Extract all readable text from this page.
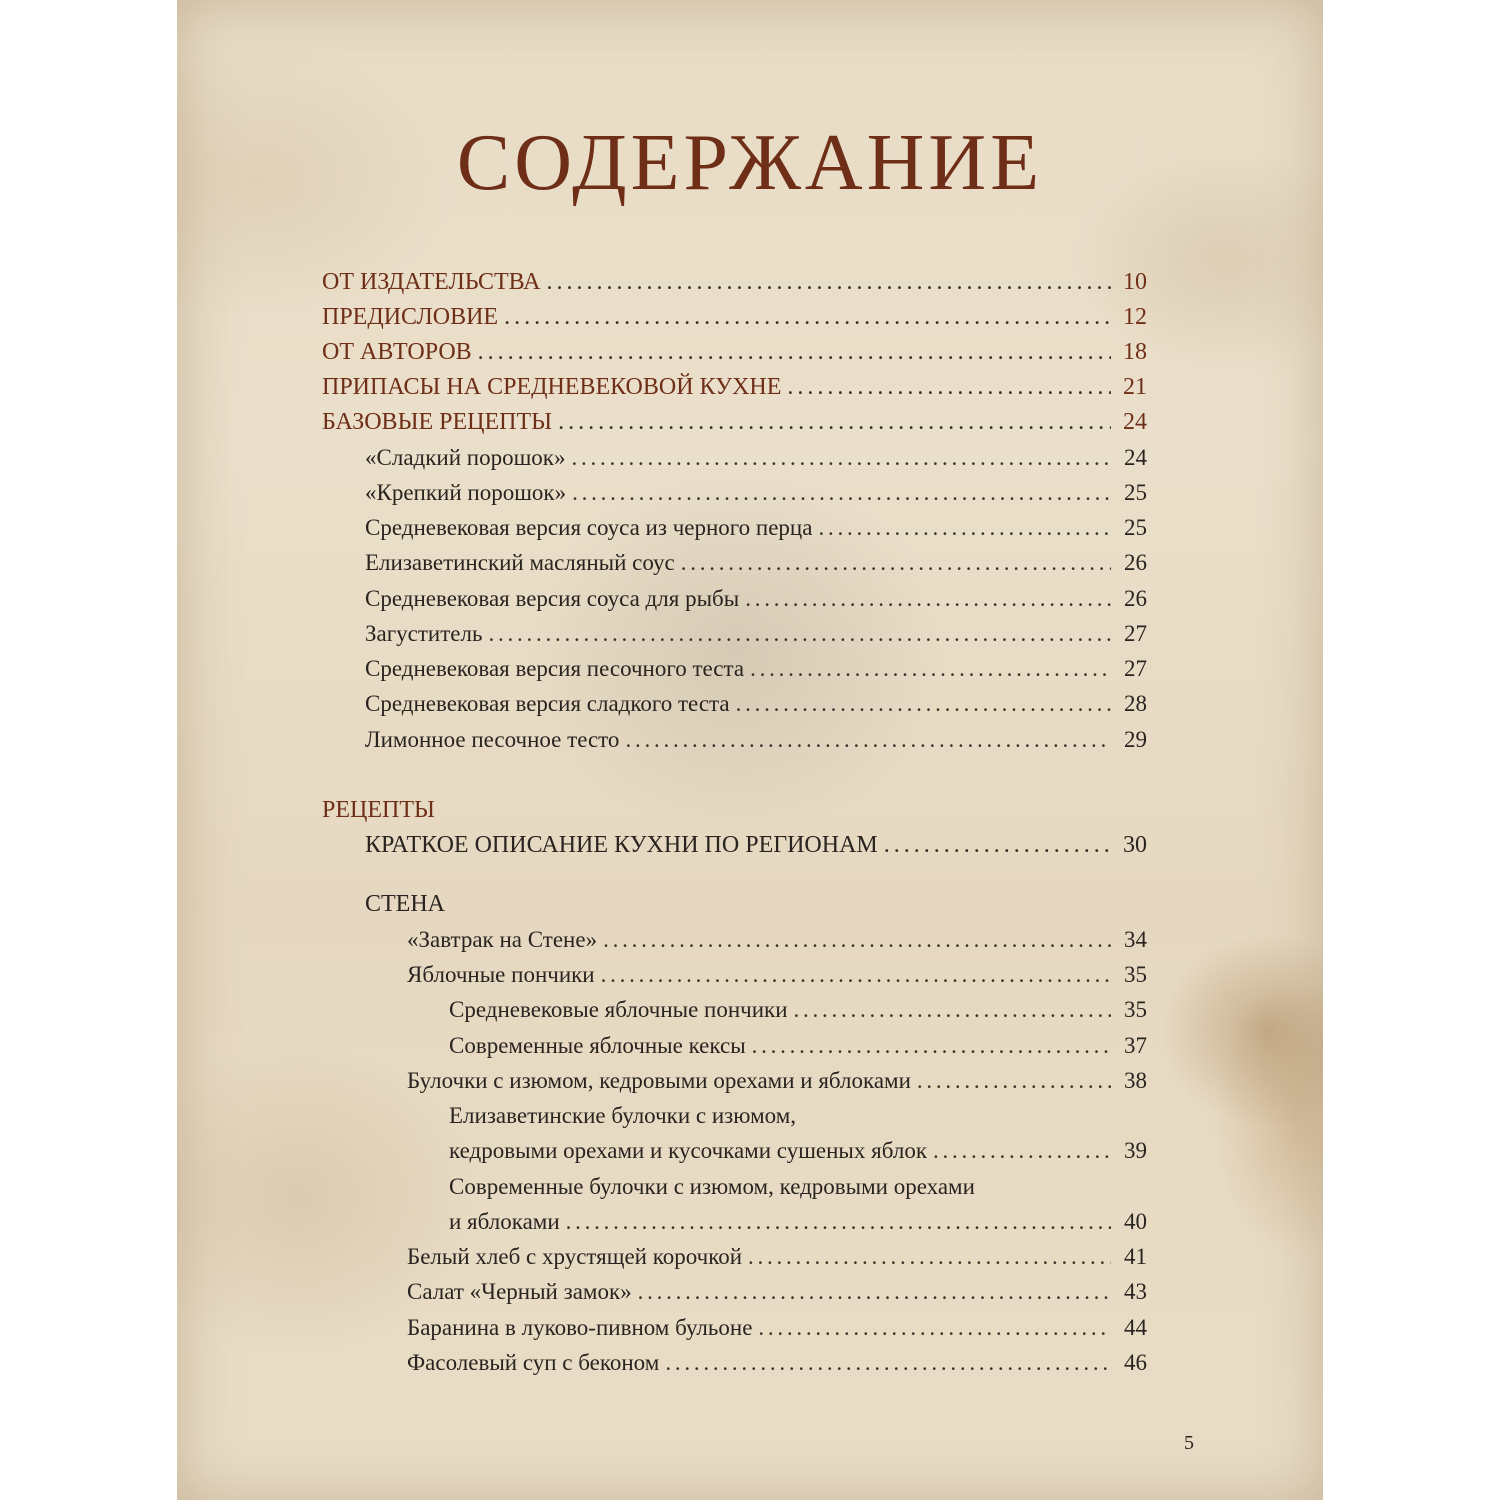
СОДЕРЖАНИЕ
ОТ ИЗДАТЕЛЬСТВА . . .	10
ПРЕДИСЛОВИЕ . . .	12
ОТ АВТОРОВ . . .	18
ПРИПАСЫ НА СРЕДНЕВЕКОВОЙ КУХНЕ . . .	21
БАЗОВЫЕ РЕЦЕПТЫ . . .	24
«Сладкий порошок» . . .	24
«Крепкий порошок» . . .	25
Средневековая версия соуса из черного перца . . .	25
Елизаветинский масляный соус . . .	26
Средневековая версия соуса для рыбы . . .	26
Загуститель . . .	27
Средневековая версия песочного теста . . .	27
Средневековая версия сладкого теста . . .	28
Лимонное песочное тесто . . .	29
РЕЦЕПТЫ
КРАТКОЕ ОПИСАНИЕ КУХНИ ПО РЕГИОНАМ . . .	30
СТЕНА
«Завтрак на Стене» . . .	34
Яблочные пончики . . .	35
Средневековые яблочные пончики . . .	35
Современные яблочные кексы . . .	37
Булочки с изюмом, кедровыми орехами и яблоками . . .	38
Елизаветинские булочки с изюмом,
кедровыми орехами и кусочками сушеных яблок . . .	39
Современные булочки с изюмом, кедровыми орехами
и яблоками . . .	40
Белый хлеб с хрустящей корочкой . . .	41
Салат «Черный замок» . . .	43
Баранина в луково-пивном бульоне . . .	44
Фасолевый суп с беконом . . .	46
5
